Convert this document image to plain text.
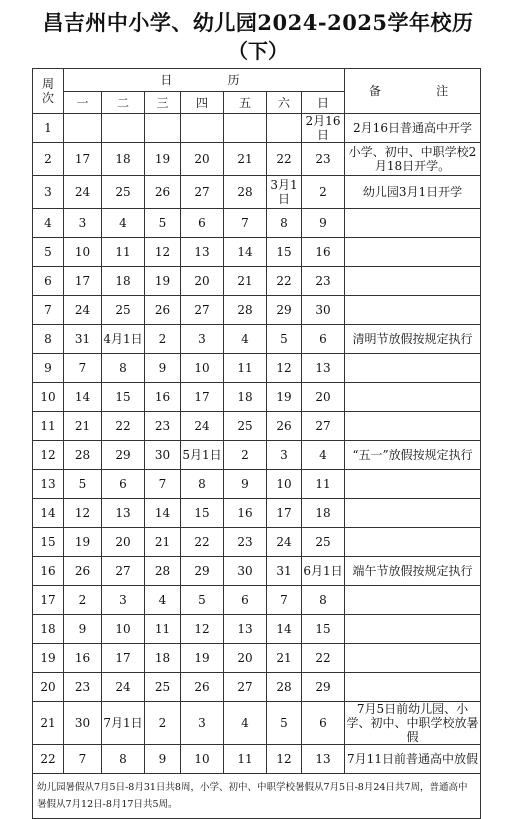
昌吉州中小学、幼儿园2024-2025学年校历
（下）
周
次	日    历							备    注
	一	二	三	四	五	六	日	
1							2月16日	2月16日普通高中开学
2	17	18	19	20	21	22	23	小学、初中、中职学校2月18日开学。
3	24	25	26	27	28	3月1日	2	幼儿园3月1日开学
4	3	4	5	6	7	8	9	
5	10	11	12	13	14	15	16	
6	17	18	19	20	21	22	23	
7	24	25	26	27	28	29	30	
8	31	4月1日	2	3	4	5	6	清明节放假按规定执行
9	7	8	9	10	11	12	13	
10	14	15	16	17	18	19	20	
11	21	22	23	24	25	26	27	
12	28	29	30	5月1日	2	3	4	“五一”放假按规定执行
13	5	6	7	8	9	10	11	
14	12	13	14	15	16	17	18	
15	19	20	21	22	23	24	25	
16	26	27	28	29	30	31	6月1日	端午节放假按规定执行
17	2	3	4	5	6	7	8	
18	9	10	11	12	13	14	15	
19	16	17	18	19	20	21	22	
20	23	24	25	26	27	28	29	
21	30	7月1日	2	3	4	5	6	7月5日前幼儿园、小学、初中、中职学校放暑假
22	7	8	9	10	11	12	13	7月11日前普通高中放假
幼儿园暑假从7月5日-8月31日共8周，小学、初中、中职学校暑假从7月5日-8月24日共7周，普通高中暑假从7月12日-8月17日共5周。								
